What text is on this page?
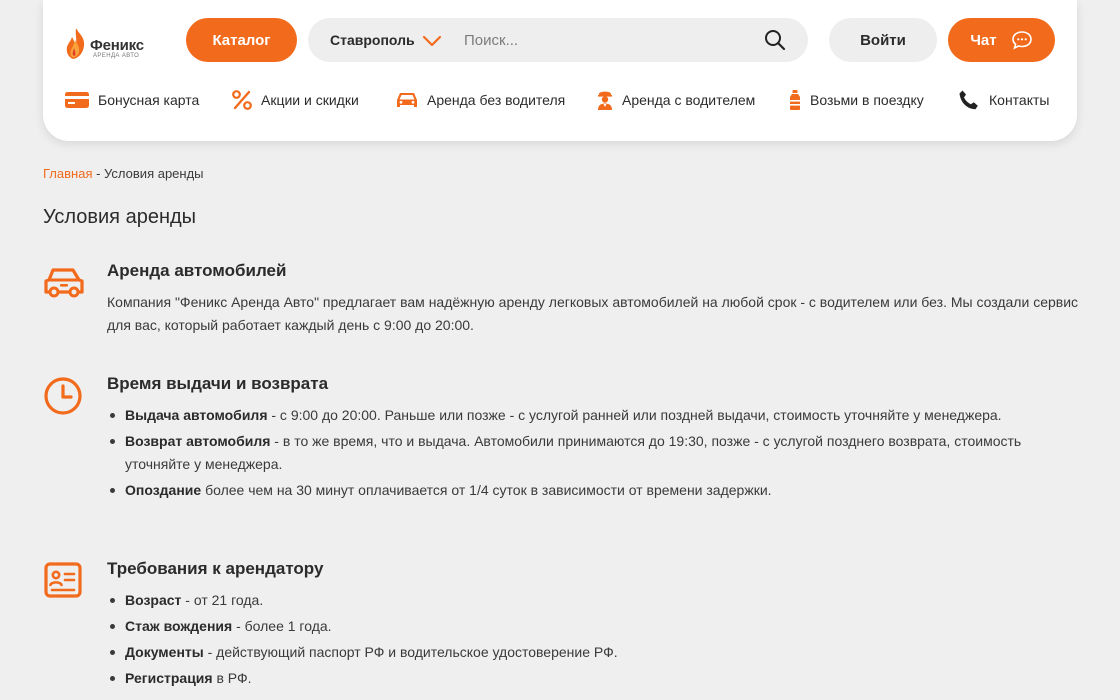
Феникс
АРЕНДА АВТО
Каталог	Ставрополь
Поиск...	Войти	Чат
Бонусная карта	Акции и скидки	Аренда без водителя	Аренда с водителем	Возьми в поездку	Контакты
Главная - Условия аренды
Условия аренды
Аренда автомобилей

Компания "Феникс Аренда Авто" предлагает вам надёжную аренду легковых автомобилей на любой срок - с водителем или без. Мы создали сервис для вас, который работает каждый день с 9:00 до 20:00.

Время выдачи и возврата
Выдача автомобиля - с 9:00 до 20:00. Раньше или позже - с услугой ранней или поздней выдачи, стоимость уточняйте у менеджера.
Возврат автомобиля - в то же время, что и выдача. Автомобили принимаются до 19:30, позже - с услугой позднего возврата, стоимость уточняйте у менеджера.
Опоздание более чем на 30 минут оплачивается от 1/4 суток в зависимости от времени задержки.
Требования к арендатору
Возраст - от 21 года.
Стаж вождения - более 1 года.
Документы - действующий паспорт РФ и водительское удостоверение РФ.
Регистрация в РФ.
